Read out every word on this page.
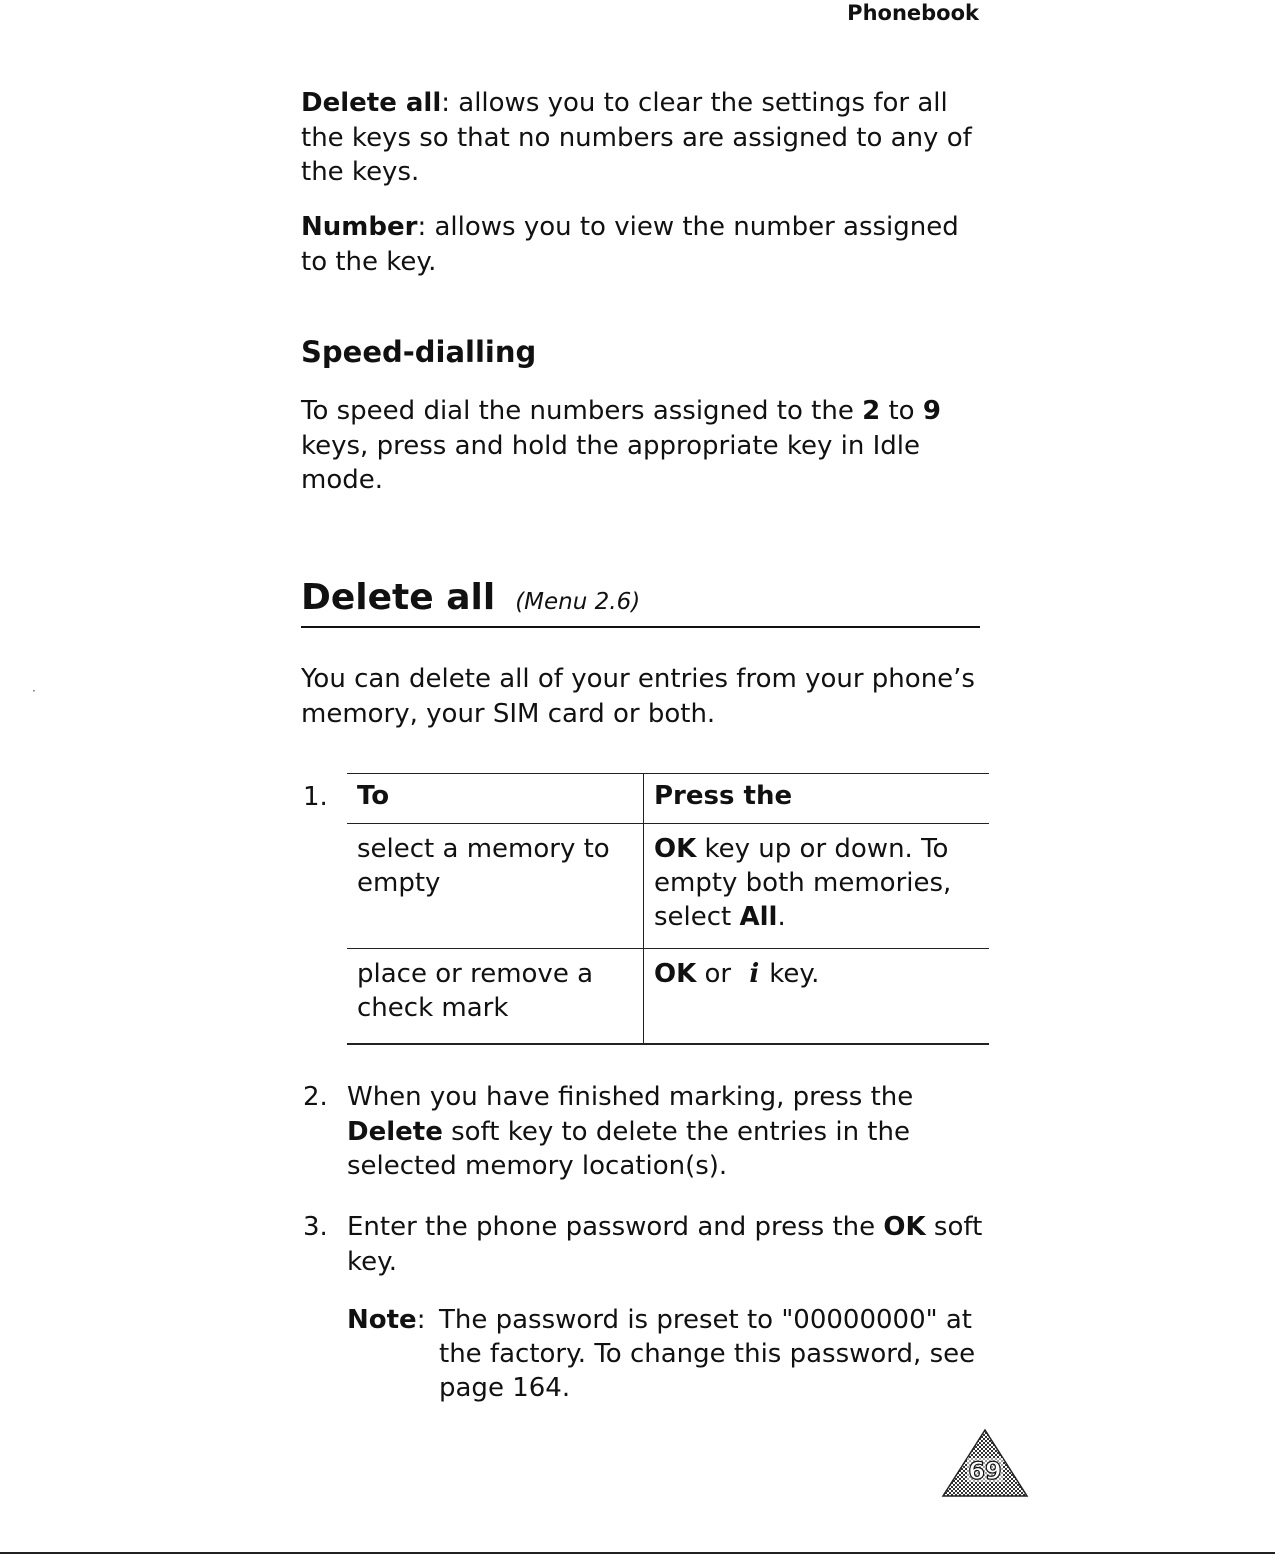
Phonebook

Delete all: allows you to clear the settings for all the keys so that no numbers are assigned to any of the keys.

Number: allows you to view the number assigned to the key.

Speed-dialling

To speed dial the numbers assigned to the 2 to 9 keys, press and hold the appropriate key in Idle mode.

Delete all (Menu 2.6)
·	You can delete all of your entries from your phone’s memory, your SIM card or both.

1. To	Press the
select a memory to empty	OK key up or down. To empty both memories, select All.
place or remove a check mark	OK or i key.
2. When you have finished marking, press the Delete soft key to delete the entries in the selected memory location(s).

3. Enter the phone password and press the OK soft key.

Note: The password is preset to "00000000" at the factory. To change this password, see page 164.

69
